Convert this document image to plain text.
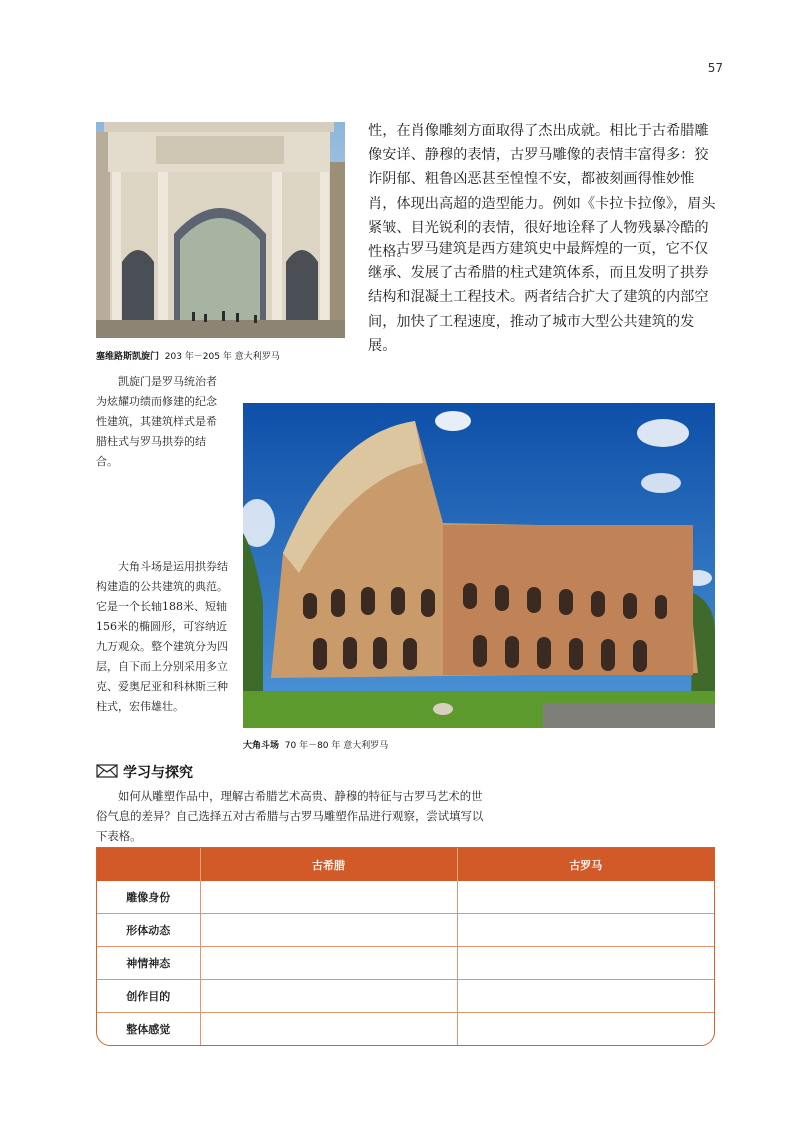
57
塞维路斯凯旋门 203 年－205 年 意大利罗马
性，在肖像雕刻方面取得了杰出成就。相比于古希腊雕像安详、静穆的表情，古罗马雕像的表情丰富得多：狡诈阴郁、粗鲁凶恶甚至惶惶不安，都被刻画得惟妙惟肖，体现出高超的造型能力。例如《卡拉卡拉像》，眉头紧皱、目光锐利的表情，很好地诠释了人物残暴冷酷的性格。
古罗马建筑是西方建筑史中最辉煌的一页，它不仅继承、发展了古希腊的柱式建筑体系，而且发明了拱券结构和混凝土工程技术。两者结合扩大了建筑的内部空间，加快了工程速度，推动了城市大型公共建筑的发展。
凯旋门是罗马统治者为炫耀功绩而修建的纪念性建筑，其建筑样式是希腊柱式与罗马拱券的结合。
大角斗场 70 年－80 年 意大利罗马
大角斗场是运用拱券结构建造的公共建筑的典范。它是一个长轴188米、短轴156米的椭圆形，可容纳近九万观众。整个建筑分为四层，自下而上分别采用多立克、爱奥尼亚和科林斯三种柱式，宏伟雄壮。
学习与探究
如何从雕塑作品中，理解古希腊艺术高贵、静穆的特征与古罗马艺术的世俗气息的差异？自己选择五对古希腊与古罗马雕塑作品进行观察，尝试填写以下表格。
	古希腊	古罗马
雕像身份		
形体动态		
神情神态		
创作目的		
整体感觉		
